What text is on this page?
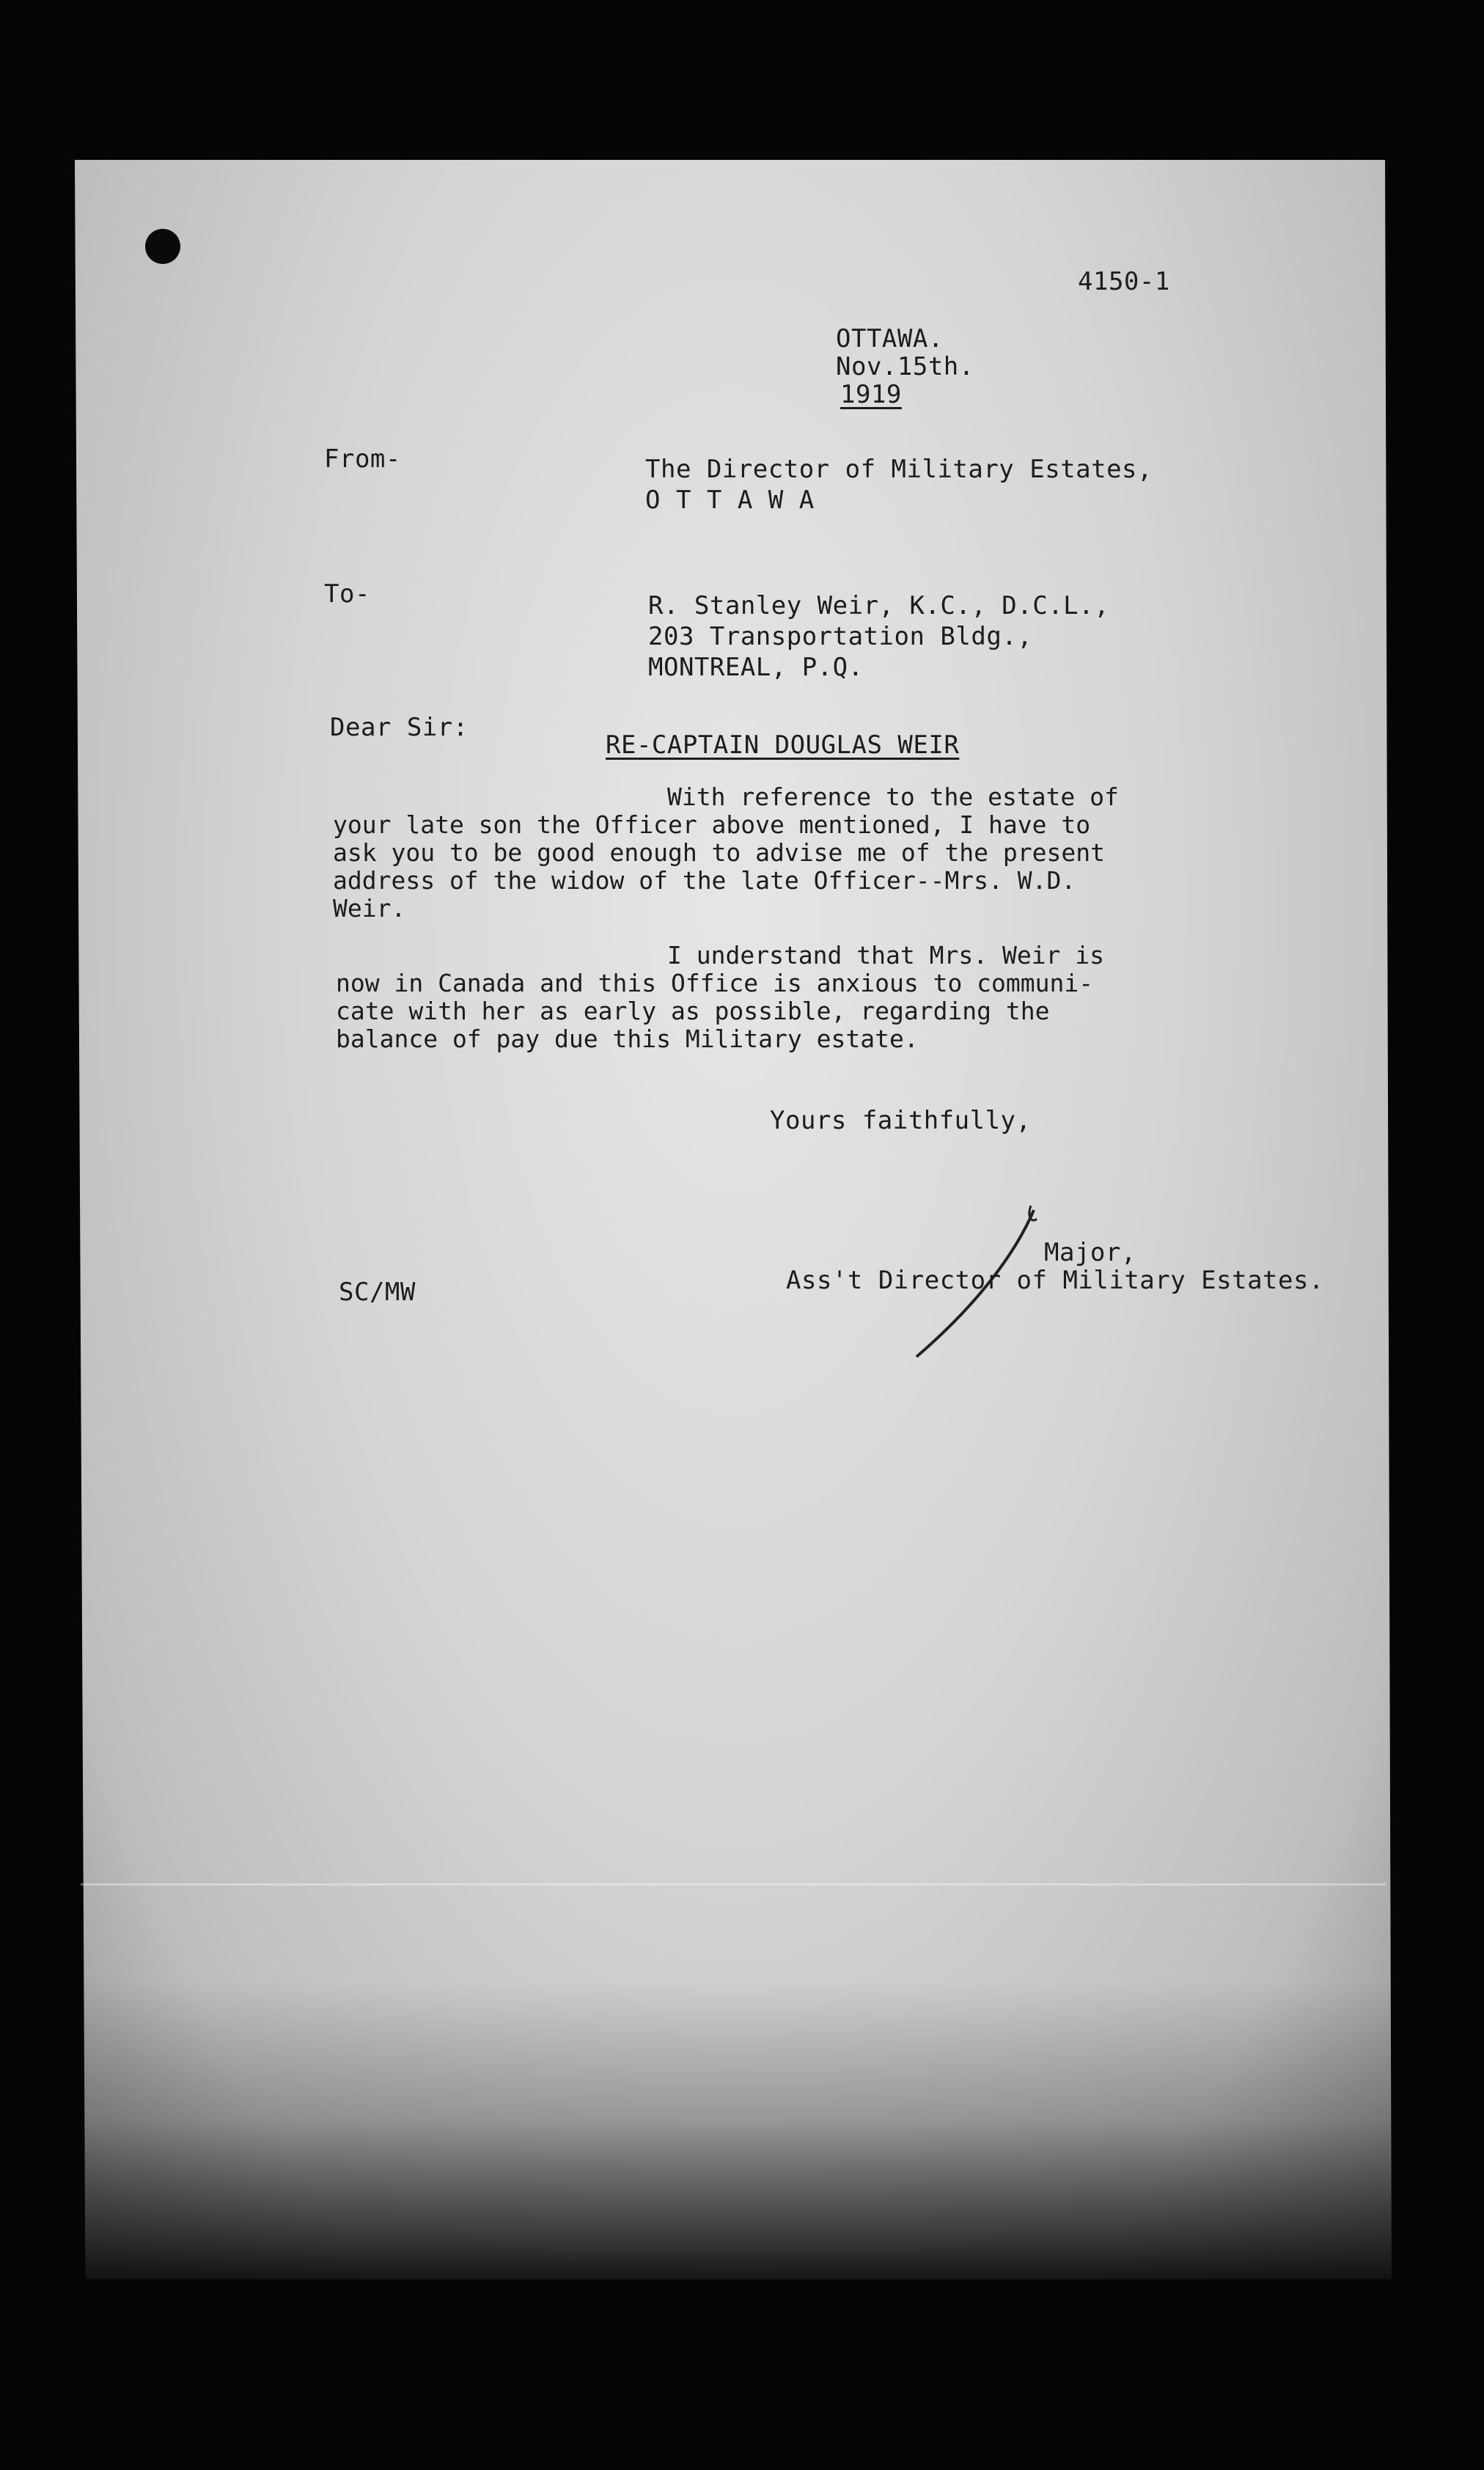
4150-1
OTTAWA.
Nov.15th.
1919
From-	The Director of Military Estates,
O T T A W A
To-	R. Stanley Weir, K.C., D.C.L.,
203 Transportation Bldg.,
MONTREAL, P.Q.
Dear Sir:
RE-CAPTAIN DOUGLAS WEIR
With reference to the estate of
your late son the Officer above mentioned, I have to
ask you to be good enough to advise me of the present
address of the widow of the late Officer--Mrs. W.D.
Weir.
I understand that Mrs. Weir is
now in Canada and this Office is anxious to communi-
cate with her as early as possible, regarding the
balance of pay due this Military estate.
Yours faithfully,
Major,
Ass't Director of Military Estates.
SC/MW
